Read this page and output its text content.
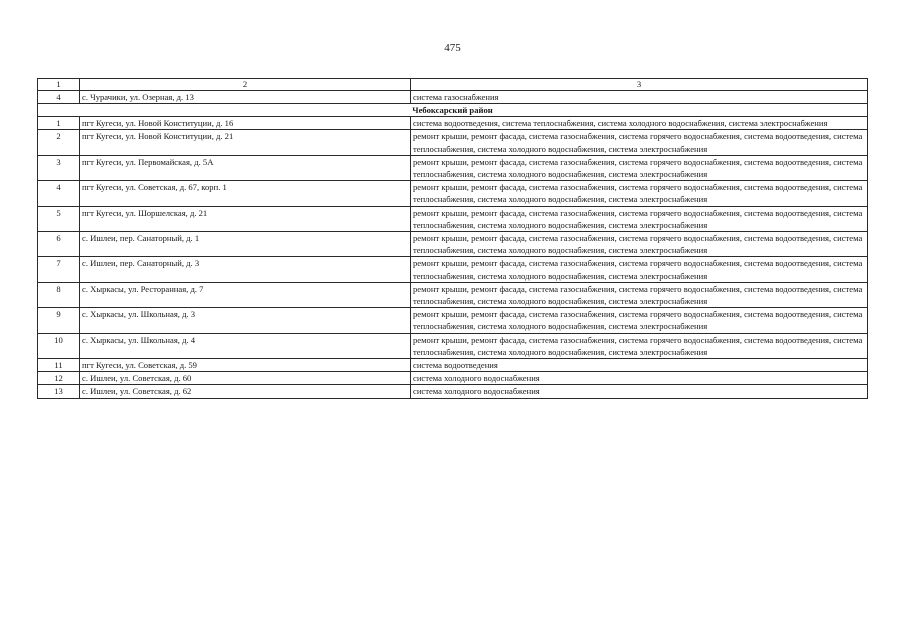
475
1	2	3
4	с. Чурачики, ул. Озерная, д. 13	система газоснабжения
Чебоксарский район		
1	пгт Кугеси, ул. Новой Конституции, д. 16	система водоотведения, система теплоснабжения, система холодного водоснабжения, система электроснабжения
2	пгт Кугеси, ул. Новой Конституции, д. 21	ремонт крыши, ремонт фасада, система газоснабжения, система горячего водоснабжения, система водоотведения, система теплоснабжения, система холодного водоснабжения, система электроснабжения
3	пгт Кугеси, ул. Первомайская, д. 5А	ремонт крыши, ремонт фасада, система газоснабжения, система горячего водоснабжения, система водоотведения, система теплоснабжения, система холодного водоснабжения, система электроснабжения
4	пгт Кугеси, ул. Советская, д. 67, корп. 1	ремонт крыши, ремонт фасада, система газоснабжения, система горячего водоснабжения, система водоотведения, система теплоснабжения, система холодного водоснабжения, система электроснабжения
5	пгт Кугеси, ул. Шоршелская, д. 21	ремонт крыши, ремонт фасада, система газоснабжения, система горячего водоснабжения, система водоотведения, система теплоснабжения, система холодного водоснабжения, система электроснабжения
6	с. Ишлеи, пер. Санаторный, д. 1	ремонт крыши, ремонт фасада, система газоснабжения, система горячего водоснабжения, система водоотведения, система теплоснабжения, система холодного водоснабжения, система электроснабжения
7	с. Ишлеи, пер. Санаторный, д. 3	ремонт крыши, ремонт фасада, система газоснабжения, система горячего водоснабжения, система водоотведения, система теплоснабжения, система холодного водоснабжения, система электроснабжения
8	с. Хыркасы, ул. Ресторанная, д. 7	ремонт крыши, ремонт фасада, система газоснабжения, система горячего водоснабжения, система водоотведения, система теплоснабжения, система холодного водоснабжения, система электроснабжения
9	с. Хыркасы, ул. Школьная, д. 3	ремонт крыши, ремонт фасада, система газоснабжения, система горячего водоснабжения, система водоотведения, система теплоснабжения, система холодного водоснабжения, система электроснабжения
10	с. Хыркасы, ул. Школьная, д. 4	ремонт крыши, ремонт фасада, система газоснабжения, система горячего водоснабжения, система водоотведения, система теплоснабжения, система холодного водоснабжения, система электроснабжения
11	пгт Кугеси, ул. Советская, д. 59	система водоотведения
12	с. Ишлеи, ул. Советская, д. 60	система холодного водоснабжения
13	с. Ишлеи, ул. Советская, д. 62	система холодного водоснабжения
